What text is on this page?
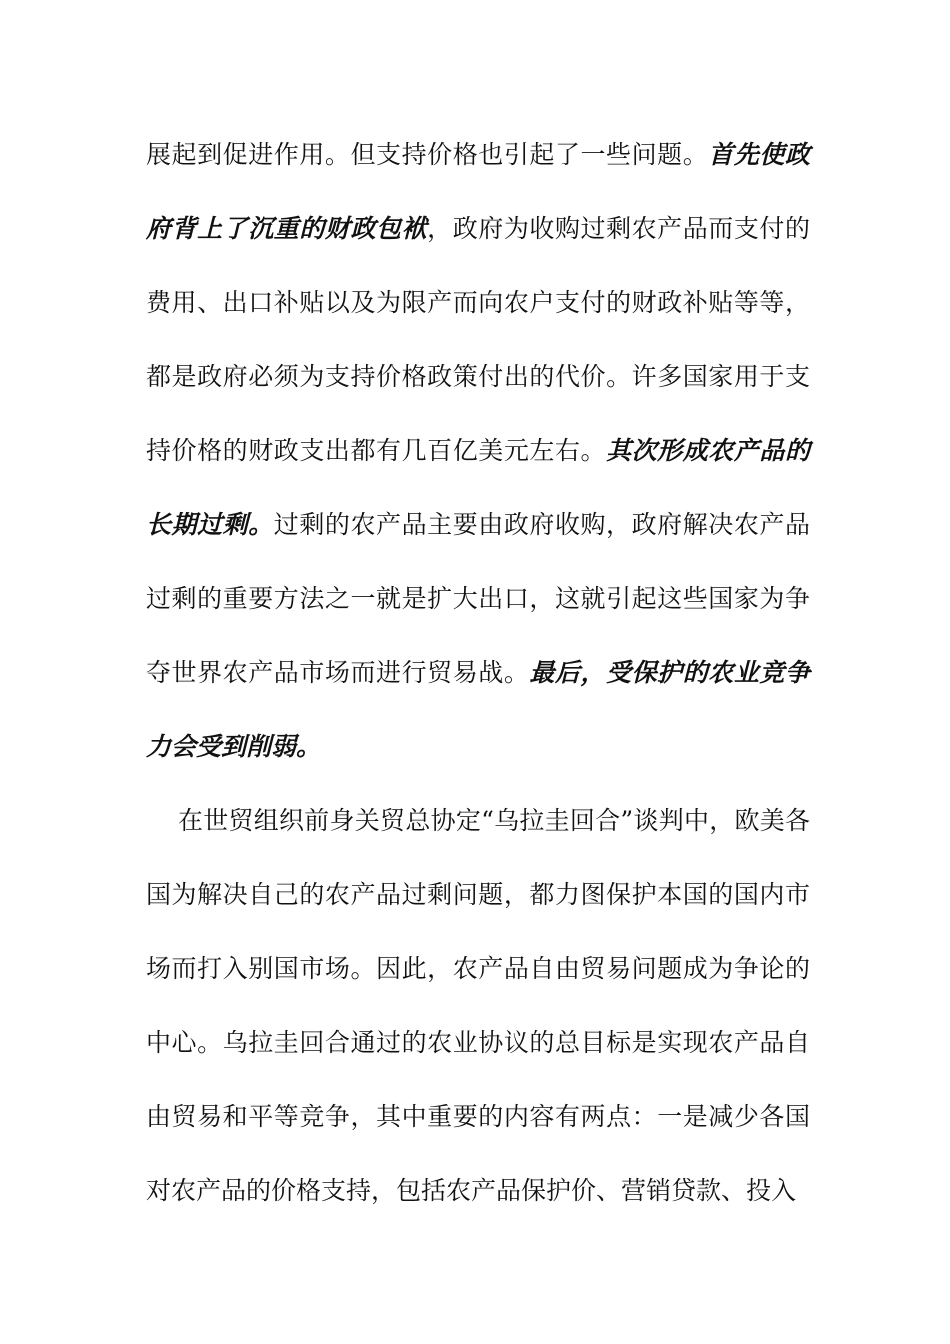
展起到促进作用。但支持价格也引起了一些问题。首先使政府背上了沉重的财政包袱，政府为收购过剩农产品而支付的费用、出口补贴以及为限产而向农户支付的财政补贴等等，都是政府必须为支持价格政策付出的代价。许多国家用于支持价格的财政支出都有几百亿美元左右。其次形成农产品的长期过剩。过剩的农产品主要由政府收购，政府解决农产品过剩的重要方法之一就是扩大出口，这就引起这些国家为争夺世界农产品市场而进行贸易战。最后，受保护的农业竞争力会受到削弱。

在世贸组织前身关贸总协定“乌拉圭回合”谈判中，欧美各国为解决自己的农产品过剩问题，都力图保护本国的国内市场而打入别国市场。因此，农产品自由贸易问题成为争论的中心。乌拉圭回合通过的农业协议的总目标是实现农产品自由贸易和平等竞争，其中重要的内容有两点：一是减少各国对农产品的价格支持，包括农产品保护价、营销贷款、投入
